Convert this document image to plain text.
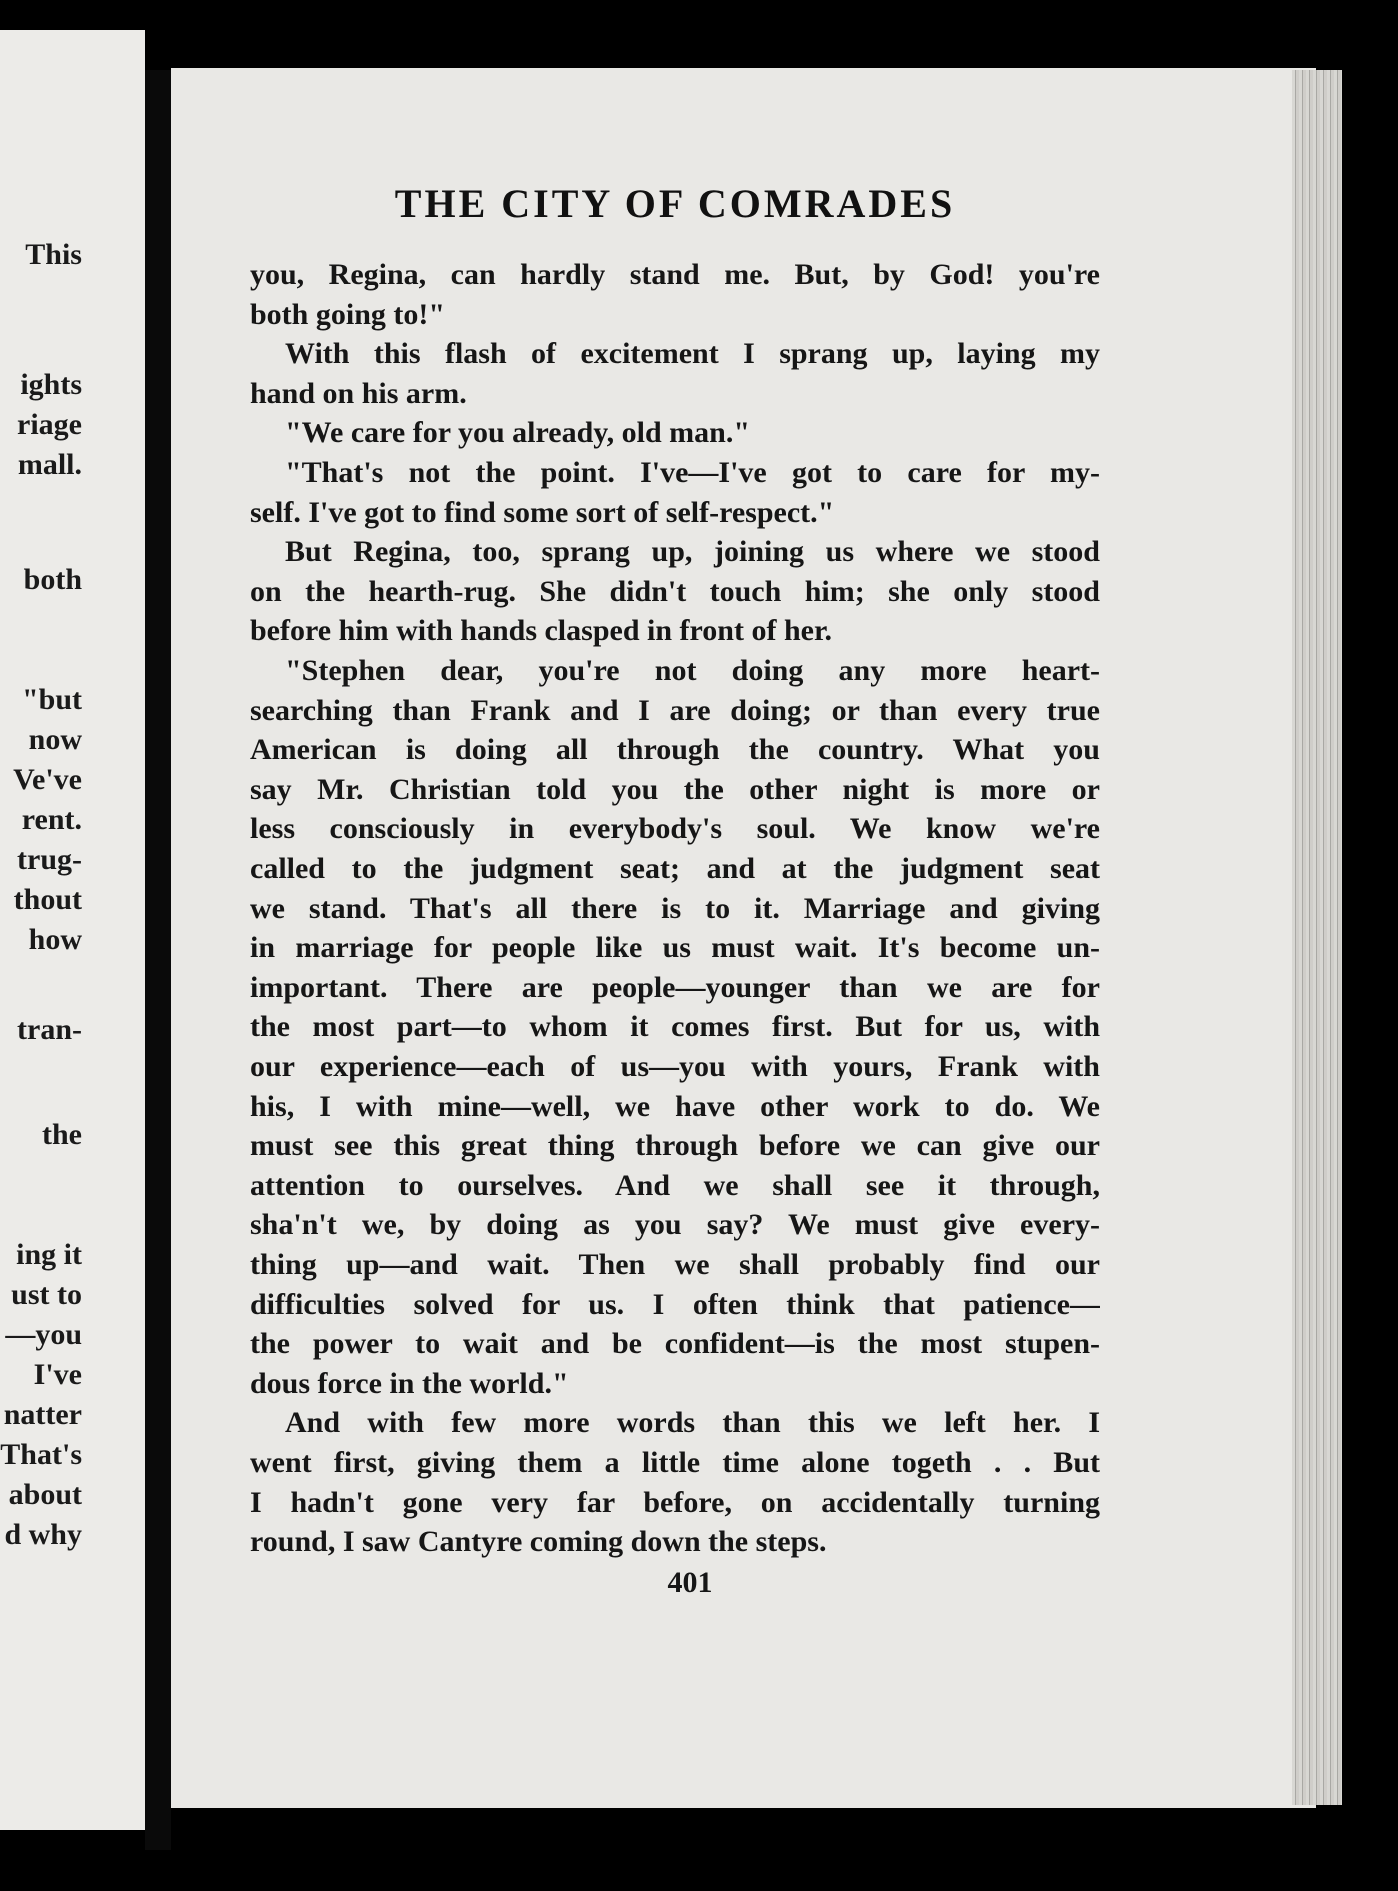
This
ights
riage
mall.
both
"but
now
Ve've
rent.
trug-
thout
how
tran-
the
ing it
ust to
—you
I've
natter
That's
about
d why
THE CITY OF COMRADES
you, Regina, can hardly stand me. But, by God! you're
both going to!"
With this flash of excitement I sprang up, laying my
hand on his arm.
"We care for you already, old man."
"That's not the point. I've—I've got to care for my-
self. I've got to find some sort of self-respect."
But Regina, too, sprang up, joining us where we stood
on the hearth-rug. She didn't touch him; she only stood
before him with hands clasped in front of her.
"Stephen dear, you're not doing any more heart-
searching than Frank and I are doing; or than every true
American is doing all through the country. What you
say Mr. Christian told you the other night is more or
less consciously in everybody's soul. We know we're
called to the judgment seat; and at the judgment seat
we stand. That's all there is to it. Marriage and giving
in marriage for people like us must wait. It's become un-
important. There are people—younger than we are for
the most part—to whom it comes first. But for us, with
our experience—each of us—you with yours, Frank with
his, I with mine—well, we have other work to do. We
must see this great thing through before we can give our
attention to ourselves. And we shall see it through,
sha'n't we, by doing as you say? We must give every-
thing up—and wait. Then we shall probably find our
difficulties solved for us. I often think that patience—
the power to wait and be confident—is the most stupen-
dous force in the world."
And with few more words than this we left her. I
went first, giving them a little time alone togeth . . But
I hadn't gone very far before, on accidentally turning
round, I saw Cantyre coming down the steps.
401
